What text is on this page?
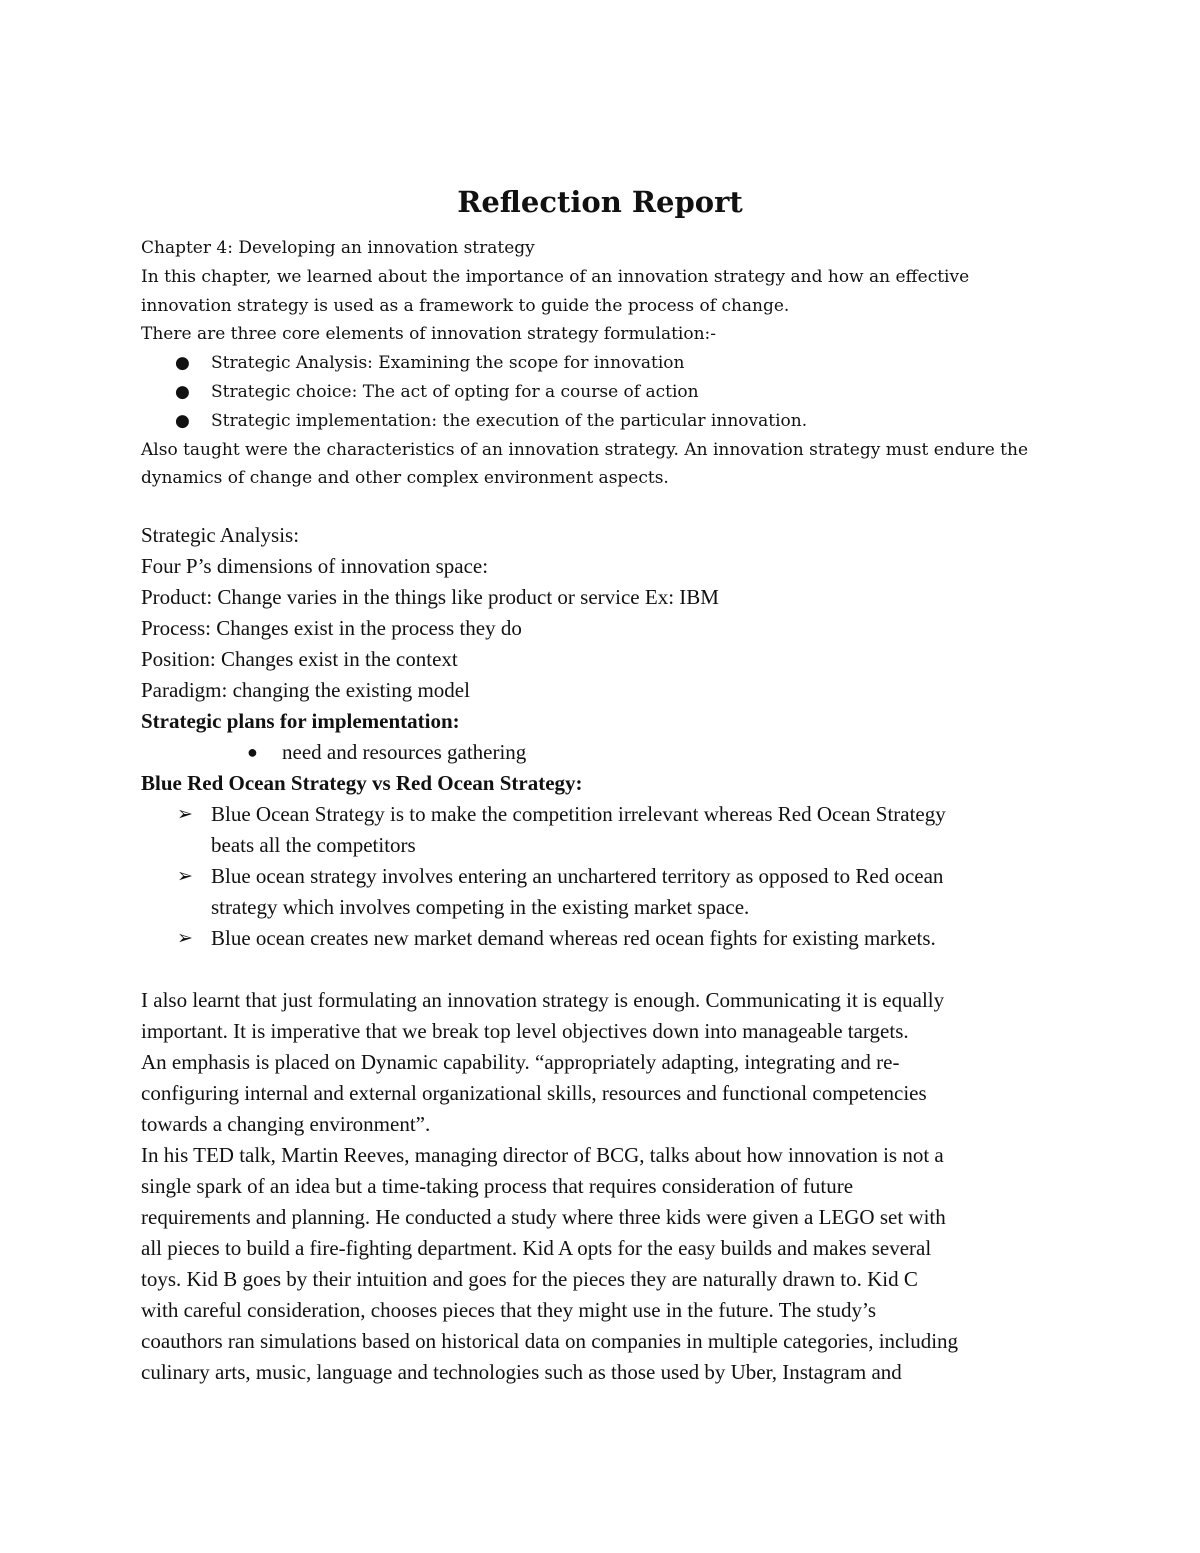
Reflection Report

Chapter 4: Developing an innovation strategy

In this chapter, we learned about the importance of an innovation strategy and how an effective

innovation strategy is used as a framework to guide the process of change.

There are three core elements of innovation strategy formulation:-

● Strategic Analysis: Examining the scope for innovation
● Strategic choice: The act of opting for a course of action
● Strategic implementation: the execution of the particular innovation.

Also taught were the characteristics of an innovation strategy. An innovation strategy must endure the

dynamics of change and other complex environment aspects.

Strategic Analysis:

Four P’s dimensions of innovation space:

Product: Change varies in the things like product or service Ex: IBM

Process: Changes exist in the process they do

Position: Changes exist in the context

Paradigm: changing the existing model

Strategic plans for implementation:

● need and resources gathering

Blue Red Ocean Strategy vs Red Ocean Strategy:

➢ Blue Ocean Strategy is to make the competition irrelevant whereas Red Ocean Strategy
beats all the competitors
➢ Blue ocean strategy involves entering an unchartered territory as opposed to Red ocean
strategy which involves competing in the existing market space.
➢ Blue ocean creates new market demand whereas red ocean fights for existing markets.
I also learnt that just formulating an innovation strategy is enough. Communicating it is equally
important. It is imperative that we break top level objectives down into manageable targets.
An emphasis is placed on Dynamic capability. “appropriately adapting, integrating and re-
configuring internal and external organizational skills, resources and functional competencies
towards a changing environment”.
In his TED talk, Martin Reeves, managing director of BCG, talks about how innovation is not a
single spark of an idea but a time-taking process that requires consideration of future
requirements and planning. He conducted a study where three kids were given a LEGO set with
all pieces to build a fire-fighting department. Kid A opts for the easy builds and makes several
toys. Kid B goes by their intuition and goes for the pieces they are naturally drawn to. Kid C
with careful consideration, chooses pieces that they might use in the future. The study’s
coauthors ran simulations based on historical data on companies in multiple categories, including
culinary arts, music, language and technologies such as those used by Uber, Instagram and
